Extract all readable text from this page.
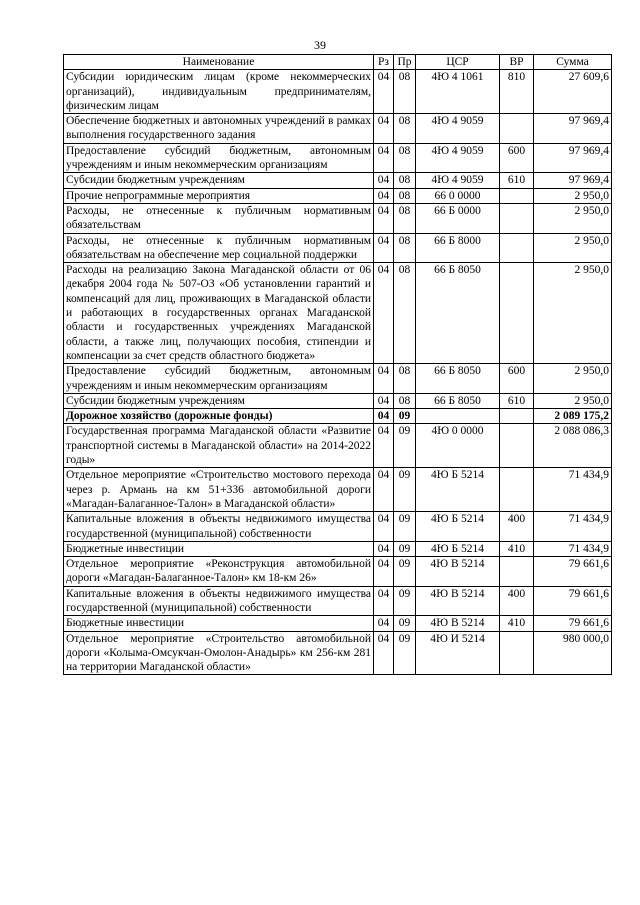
39
Наименование	Рз	Пр	ЦСР	ВР	Сумма
Субсидии юридическим лицам (кроме некоммерческих организаций), индивидуальным предпринимателям, физическим лицам	04	08	4Ю 4 1061	810	27 609,6
Обеспечение бюджетных и автономных учреждений в рамках выполнения государственного задания	04	08	4Ю 4 9059		97 969,4
Предоставление субсидий бюджетным, автономным учреждениям и иным некоммерческим организациям	04	08	4Ю 4 9059	600	97 969,4
Субсидии бюджетным учреждениям	04	08	4Ю 4 9059	610	97 969,4
Прочие непрограммные мероприятия	04	08	66 0 0000		2 950,0
Расходы, не отнесенные к публичным нормативным обязательствам	04	08	66 Б 0000		2 950,0
Расходы, не отнесенные к публичным нормативным обязательствам на обеспечение мер социальной поддержки	04	08	66 Б 8000		2 950,0
Расходы на реализацию Закона Магаданской области от 06 декабря 2004 года № 507-ОЗ «Об установлении гарантий и компенсаций для лиц, проживающих в Магаданской области и работающих в государственных органах Магаданской области и государственных учреждениях Магаданской области, а также лиц, получающих пособия, стипендии и компенсации за счет средств областного бюджета»	04	08	66 Б 8050		2 950,0
Предоставление субсидий бюджетным, автономным учреждениям и иным некоммерческим организациям	04	08	66 Б 8050	600	2 950,0
Субсидии бюджетным учреждениям	04	08	66 Б 8050	610	2 950,0
Дорожное хозяйство (дорожные фонды)	04	09			2 089 175,2
Государственная программа Магаданской области «Развитие транспортной системы в Магаданской области» на 2014-2022 годы»	04	09	4Ю 0 0000		2 088 086,3
Отдельное мероприятие «Строительство мостового перехода через р. Армань на км 51+336 автомобильной дороги «Магадан-Балаганное-Талон» в Магаданской области»	04	09	4Ю Б 5214		71 434,9
Капитальные вложения в объекты недвижимого имущества государственной (муниципальной) собственности	04	09	4Ю Б 5214	400	71 434,9
Бюджетные инвестиции	04	09	4Ю Б 5214	410	71 434,9
Отдельное мероприятие «Реконструкция автомобильной дороги «Магадан-Балаганное-Талон» км 18-км 26»	04	09	4Ю В 5214		79 661,6
Капитальные вложения в объекты недвижимого имущества государственной (муниципальной) собственности	04	09	4Ю В 5214	400	79 661,6
Бюджетные инвестиции	04	09	4Ю В 5214	410	79 661,6
Отдельное мероприятие «Строительство автомобильной дороги «Колыма-Омсукчан-Омолон-Анадырь» км 256-км 281 на территории Магаданской области»	04	09	4Ю И 5214		980 000,0
